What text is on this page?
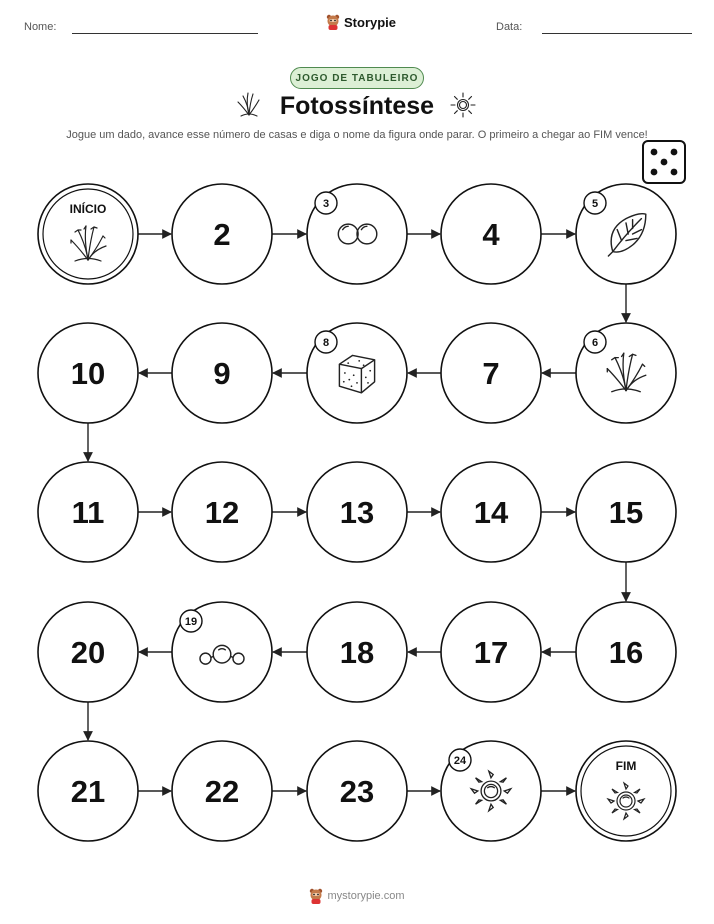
Nome:	Storypie	Data:
JOGO DE TABULEIRO
Fotossíntese
Jogue um dado, avance esse número de casas e diga o nome da figura onde parar. O primeiro a chegar ao FIM vence!
INÍCIO
2
3
4
5
6
7
8
9
10
11	12	13	14	15
16
17
18
19
20
21	22	23
24	FIM
mystorypie.com
